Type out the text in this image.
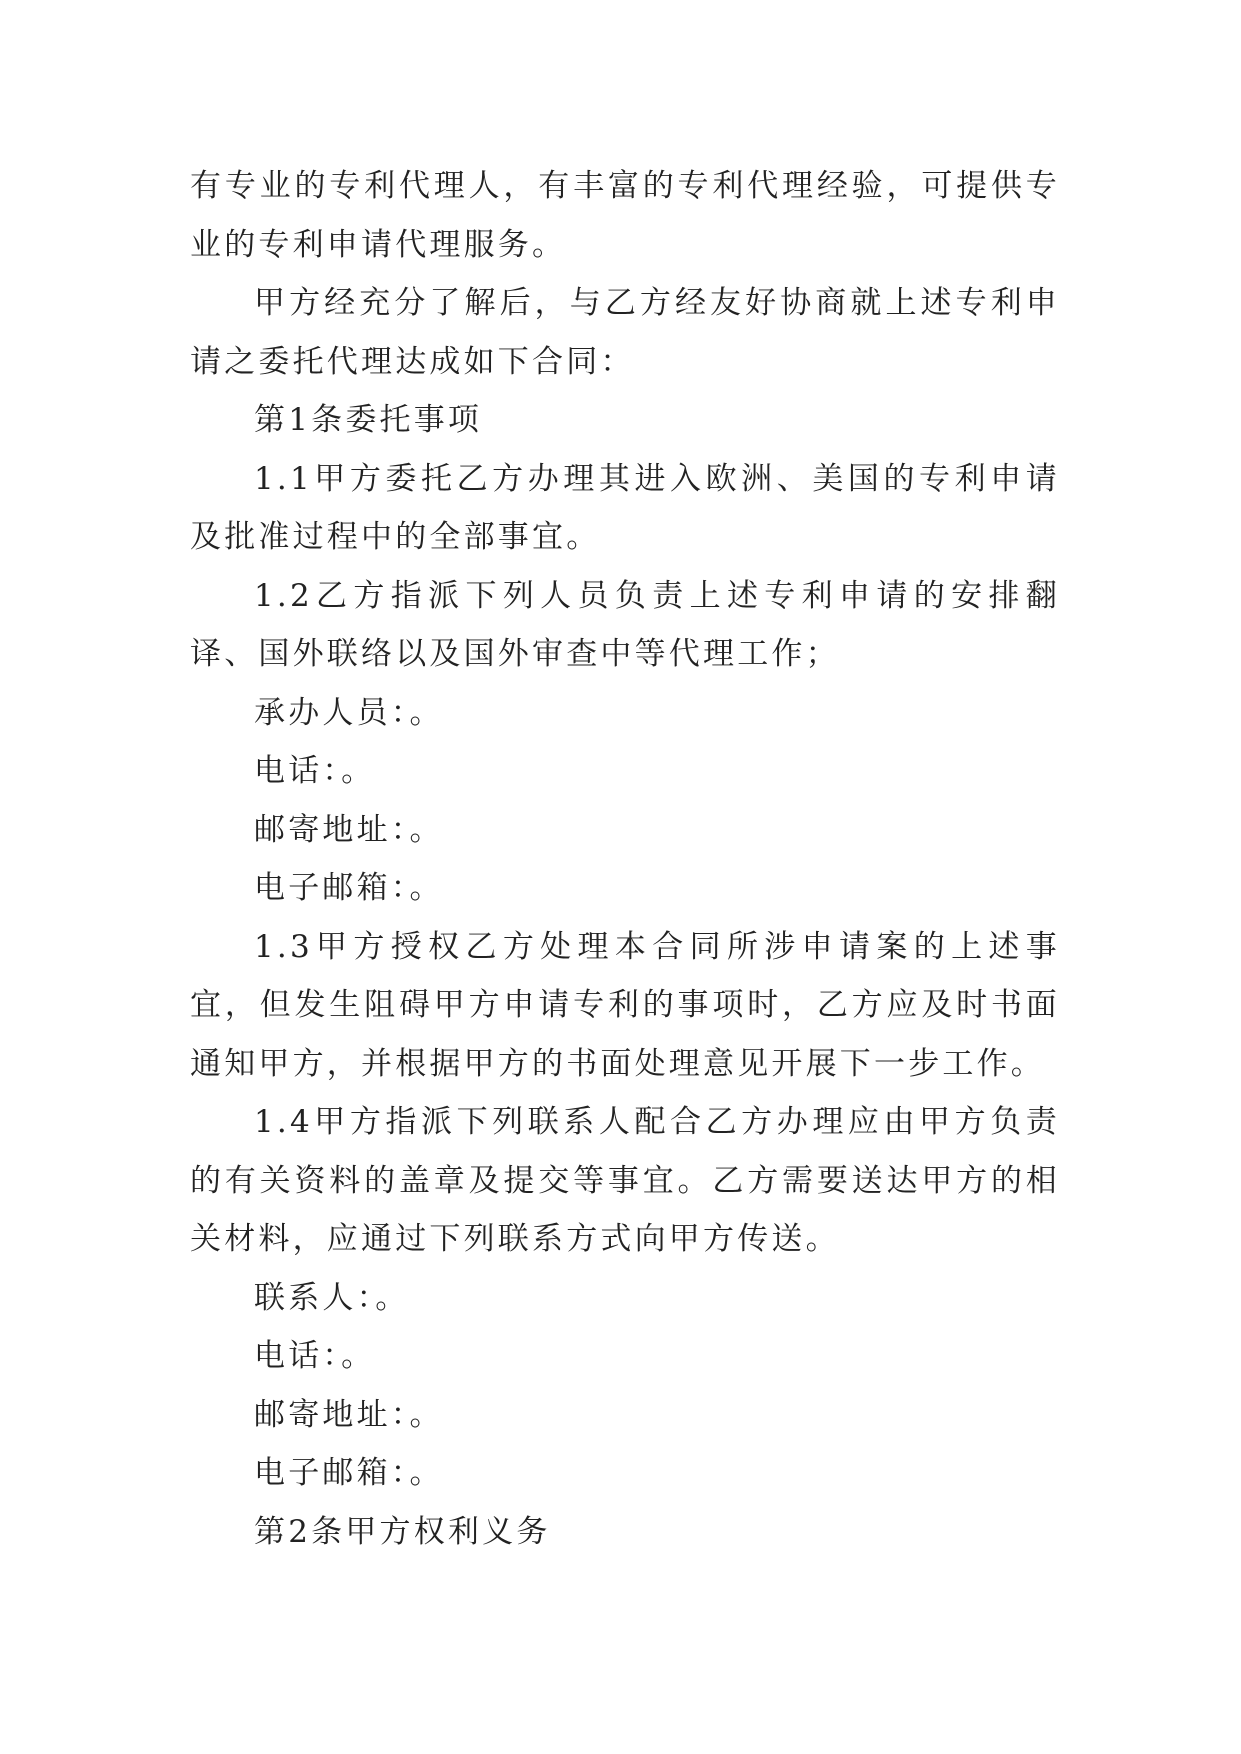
有专业的专利代理人，有丰富的专利代理经验，可提供专业的专利申请代理服务。

甲方经充分了解后，与乙方经友好协商就上述专利申请之委托代理达成如下合同：

第1条委托事项

1.1甲方委托乙方办理其进入欧洲、美国的专利申请及批准过程中的全部事宜。

1.2乙方指派下列人员负责上述专利申请的安排翻译、国外联络以及国外审查中等代理工作；

承办人员：。

电话：。

邮寄地址：。

电子邮箱：。

1.3甲方授权乙方处理本合同所涉申请案的上述事宜，但发生阻碍甲方申请专利的事项时，乙方应及时书面通知甲方，并根据甲方的书面处理意见开展下一步工作。

1.4甲方指派下列联系人配合乙方办理应由甲方负责的有关资料的盖章及提交等事宜。乙方需要送达甲方的相关材料，应通过下列联系方式向甲方传送。

联系人：。

电话：。

邮寄地址：。

电子邮箱：。

第2条甲方权利义务
